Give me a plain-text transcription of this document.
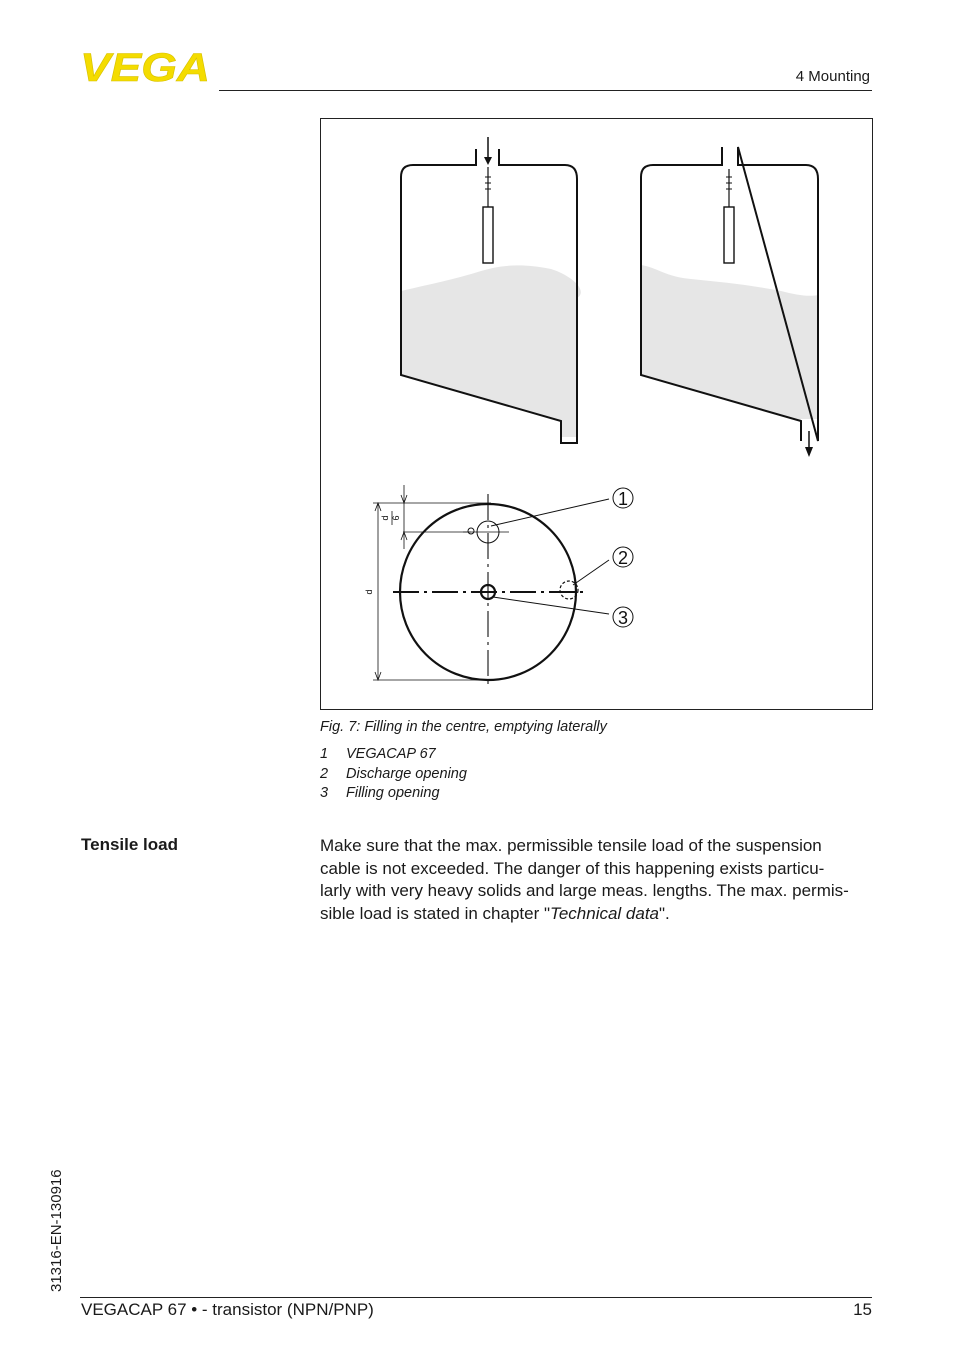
VEGA	4 Mounting
1
2
3
d
d 6
Fig. 7: Filling in the centre, emptying laterally
1 VEGACAP 67
2 Discharge opening
3 Filling opening
Tensile load	Make sure that the max. permissible tensile load of the suspension
cable is not exceeded. The danger of this happening exists particu-
larly with very heavy solids and large meas. lengths. The max. permis-
sible load is stated in chapter "Technical data".
31316-EN-130916
VEGACAP 67 • - transistor (NPN/PNP)	15
